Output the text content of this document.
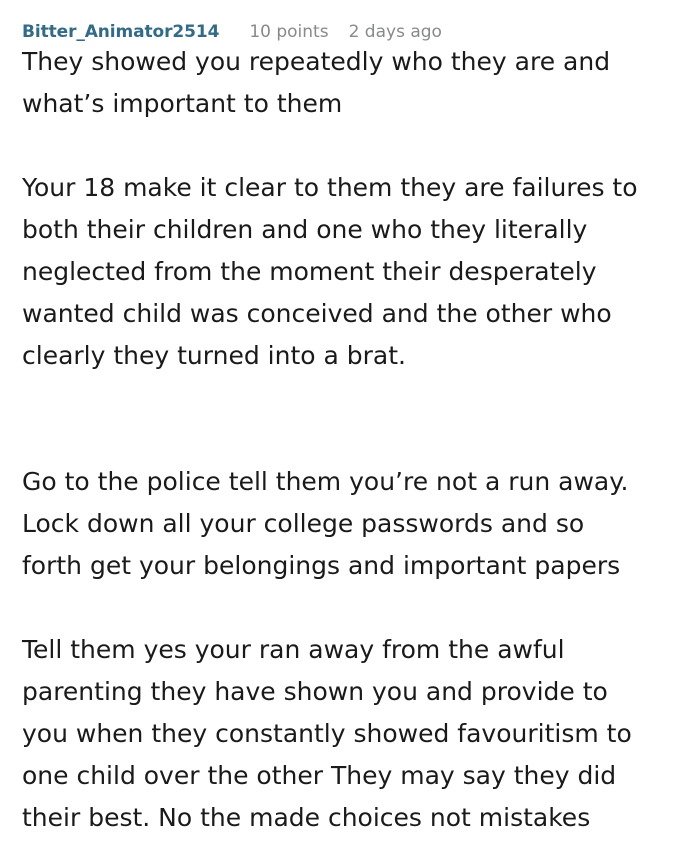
Bitter_Animator2514 10 points 2 days ago

They showed you repeatedly who they are and
what’s important to them

Your 18 make it clear to them they are failures to
both their children and one who they literally
neglected from the moment their desperately
wanted child was conceived and the other who
clearly they turned into a brat.

Go to the police tell them you’re not a run away.
Lock down all your college passwords and so
forth get your belongings and important papers

Tell them yes your ran away from the awful
parenting they have shown you and provide to
you when they constantly showed favouritism to
one child over the other They may say they did
their best. No the made choices not mistakes
